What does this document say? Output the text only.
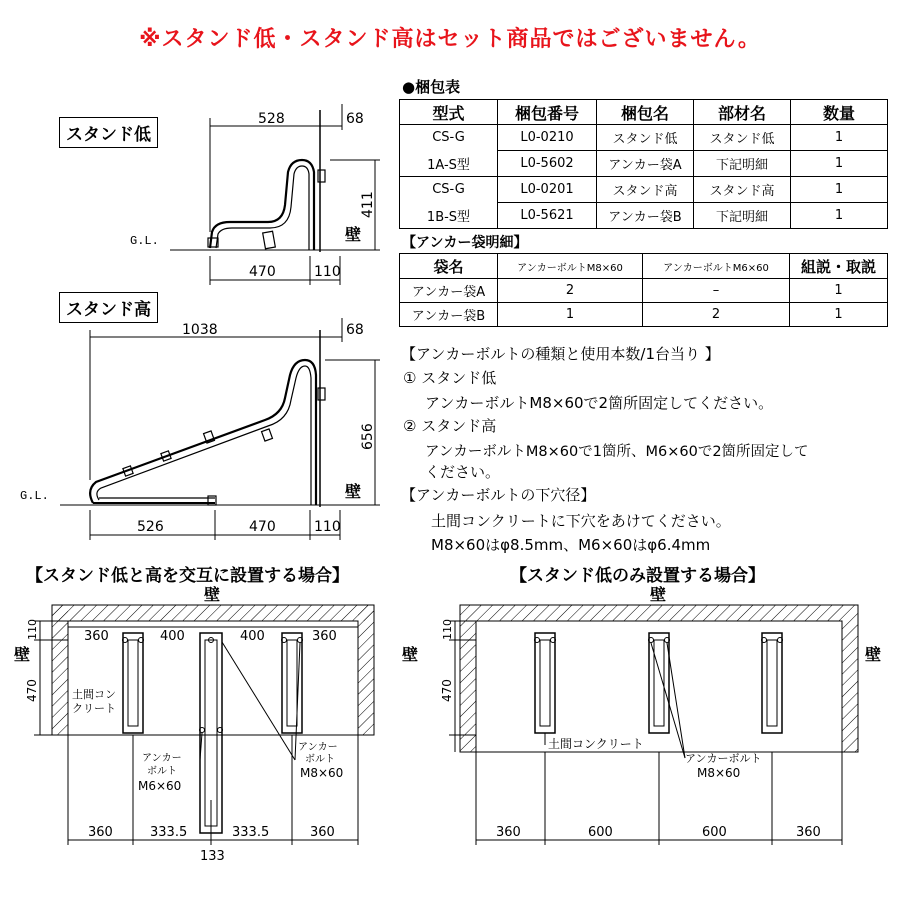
※スタンド低・スタンド高はセット商品ではございません。
スタンド低
スタンド高
●梱包表
型式	梱包番号	梱包名	部材名	数量
CS-G	L0-0210	スタンド低	スタンド低	1
1A-S型	L0-5602	アンカー袋A	下記明細	1
CS-G	L0-0201	スタンド高	スタンド高	1
1B-S型	L0-5621	アンカー袋B	下記明細	1
【アンカー袋明細】
袋名	アンカーボルトM8×60	アンカーボルトM6×60	組説・取説
アンカー袋A	2	–	1
アンカー袋B	1	2	1
【アンカーボルトの種類と使用本数/1台当り 】
① スタンド低
アンカーボルトM8×60で2箇所固定してください。
② スタンド高
アンカーボルトM8×60で1箇所、M6×60で2箇所固定して
ください。
【アンカーボルトの下穴径】
土間コンクリートに下穴をあけてください。
M8×60はφ8.5mm、M6×60はφ6.4mm
【スタンド低と高を交互に設置する場合】	【スタンド低のみ設置する場合】
528	68
411
470	110
G.L.	壁
1038	68
656
526	470	110
G.L.	壁
壁
壁
110
470
360	400	400	360
土間コン
クリート
アンカー
ボルト
M6×60
アンカー
ボルト
M8×60
360	333.5	333.5	360
133
壁
壁	壁
110
470
土間コンクリート
アンカーボルト
M8×60
360	600	600	360
